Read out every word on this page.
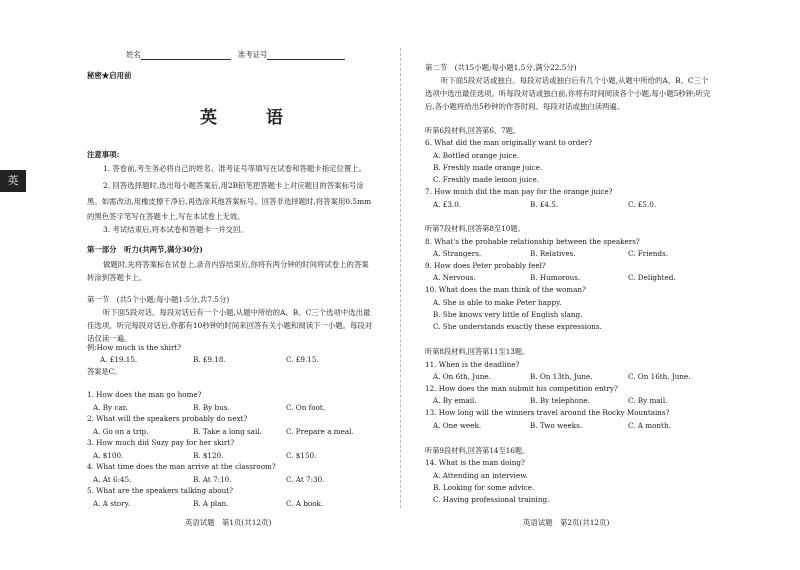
英
姓名	准考证号
秘密★启用前
英　语
注意事项:
1. 答卷前,考生务必将自己的姓名、准考证号等填写在试卷和答题卡指定位置上。
2. 回答选择题时,选出每小题答案后,用2B铅笔把答题卡上对应题目的答案标号涂黑。如需改动,用橡皮擦干净后,再选涂其他答案标号。回答非选择题时,将答案用0.5mm的黑色签字笔写在答题卡上,写在本试卷上无效。
3. 考试结束后,将本试卷和答题卡一并交回。
第一部分　听力(共两节,满分30分)
做题时,先将答案标在试卷上,录音内容结束后,你将有两分钟的时间将试卷上的答案转涂到答题卡上。
第一节　(共5个小题;每小题1.5分,共7.5分)
听下面5段对话。每段对话后有一个小题,从题中所给的A、B、C三个选项中选出最佳选项。听完每段对话后,你都有10秒钟的时间来回答有关小题和阅读下一小题。每段对话仅读一遍。
例:How much is the shirt?
A. £19.15.	B. £9.18.	C. £9.15.
答案是C。
1. How does the man go home?
A. By car.	B. By bus.	C. On foot.
2. What will the speakers probably do next?
A. Go on a trip.	B. Take a long sail.	C. Prepare a meal.
3. How much did Suzy pay for her skirt?
A. $100.	B. $120.	C. $150.
4. What time does the man arrive at the classroom?
A. At 6:45.	B. At 7:10.	C. At 7:30.
5. What are the speakers talking about?
A. A story.	B. A plan.	C. A book.
英语试题　第1页(共12页)
第二节　(共15小题;每小题1.5分,满分22.5分)
听下面5段对话或独白。每段对话或独白后有几个小题,从题中所给的A、B、C三个选项中选出最佳选项。听每段对话或独白前,你将有时间阅读各个小题,每小题5秒钟;听完后,各小题将给出5秒钟的作答时间。每段对话或独白读两遍。
听第6段材料,回答第6、7题。
6. What did the man originally want to order?
A. Bottled orange juice.
B. Freshly made orange juice.
C. Freshly made lemon juice.
7. How much did the man pay for the orange juice?
A. £3.0.	B. £4.5.	C. £5.0.
听第7段材料,回答第8至10题。
8. What's the probable relationship between the speakers?
A. Strangers.	B. Relatives.	C. Friends.
9. How does Peter probably feel?
A. Nervous.	B. Humorous.	C. Delighted.
10. What does the man think of the woman?
A. She is able to make Peter happy.
B. She knows very little of English slang.
C. She understands exactly these expressions.
听第8段材料,回答第11至13题。
11. When is the deadline?
A. On 6th, June.	B. On 13th, June.	C. On 16th, June.
12. How does the man submit his competition entry?
A. By email.	B. By telephone.	C. By mail.
13. How long will the winners travel around the Rocky Mountains?
A. One week.	B. Two weeks.	C. A month.
听第9段材料,回答第14至16题。
14. What is the man doing?
A. Attending an interview.
B. Looking for some advice.
C. Having professional training.
英语试题　第2页(共12页)
